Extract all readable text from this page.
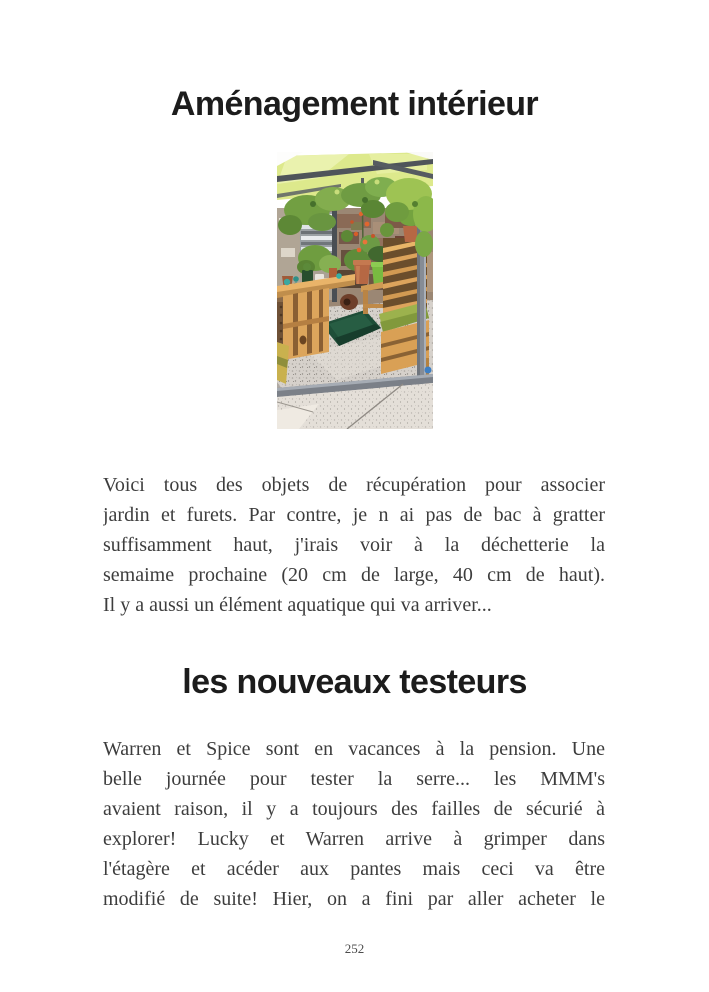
Aménagement intérieur
Voici tous des objets de récupération pour associer
jardin et furets. Par contre, je n ai pas de bac à gratter
suffisamment haut, j'irais voir à la déchetterie la
semaime prochaine (20 cm de large, 40 cm de haut).
Il y a aussi un élément aquatique qui va arriver...
les nouveaux testeurs
Warren et Spice sont en vacances à la pension. Une
belle journée pour tester la serre... les MMM's
avaient raison, il y a toujours des failles de sécurié à
explorer! Lucky et Warren arrive à grimper dans
l'étagère et acéder aux pantes mais ceci va être
modifié de suite! Hier, on a fini par aller acheter le
252
